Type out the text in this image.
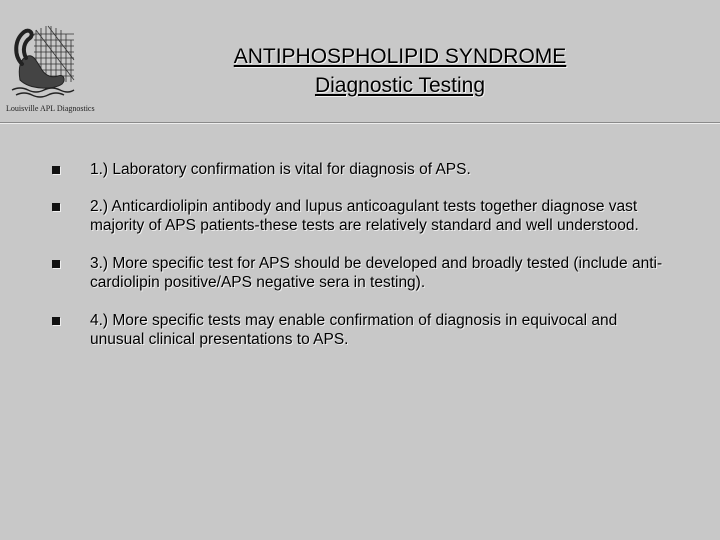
Louisville APL Diagnostics
ANTIPHOSPHOLIPID SYNDROME
Diagnostic Testing
1.) Laboratory confirmation is vital for diagnosis of APS.
2.) Anticardiolipin antibody and lupus anticoagulant tests together diagnose vast majority of APS patients-these tests are relatively standard and well understood.
3.) More specific test for APS should be developed and broadly tested (include anti-cardiolipin positive/APS negative sera in testing).
4.) More specific tests may enable confirmation of diagnosis in equivocal and unusual clinical presentations to APS.
